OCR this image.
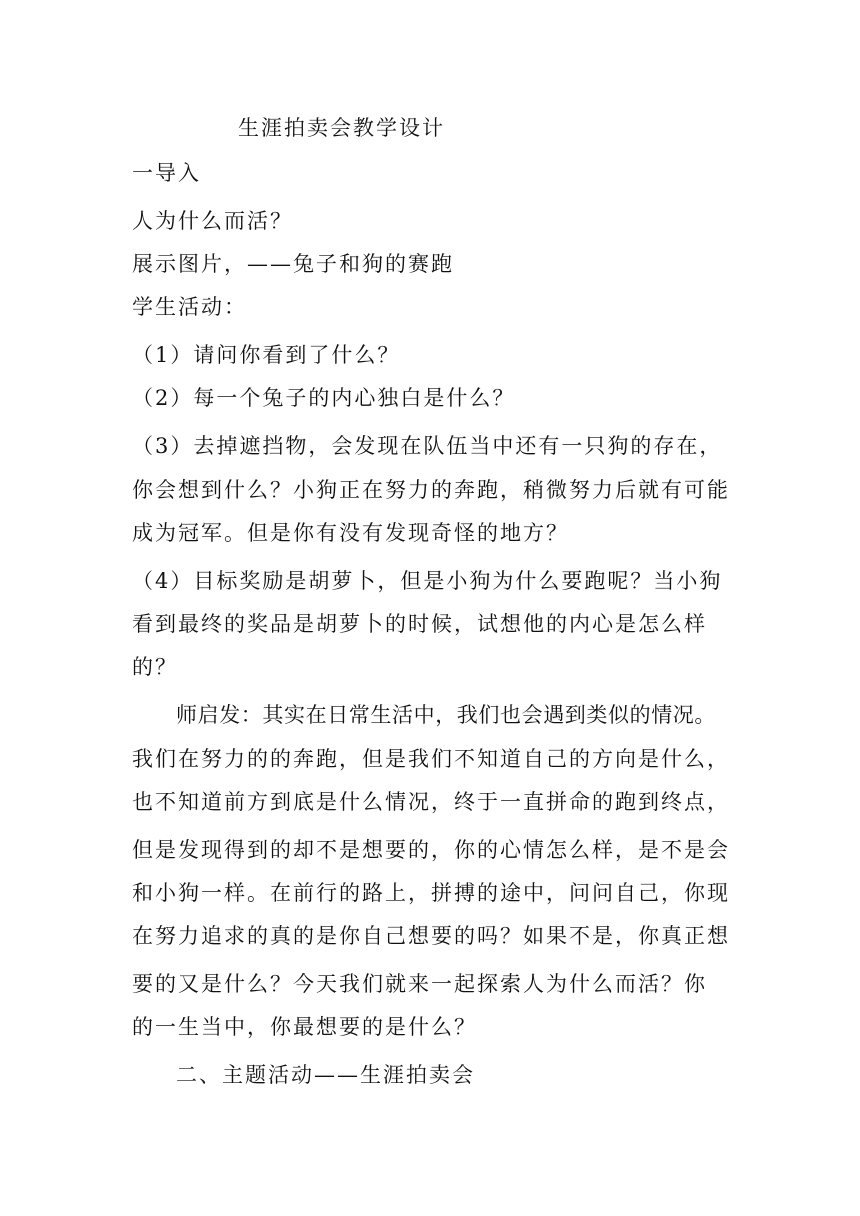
生涯拍卖会教学设计
一导入
人为什么而活？
展示图片，——兔子和狗的赛跑
学生活动：
（1）请问你看到了什么？
（2）每一个兔子的内心独白是什么？
（3）去掉遮挡物，会发现在队伍当中还有一只狗的存在，
你会想到什么？小狗正在努力的奔跑，稍微努力后就有可能
成为冠军。但是你有没有发现奇怪的地方？
（4）目标奖励是胡萝卜，但是小狗为什么要跑呢？当小狗
看到最终的奖品是胡萝卜的时候，试想他的内心是怎么样
的？
师启发：其实在日常生活中，我们也会遇到类似的情况。
我们在努力的的奔跑，但是我们不知道自己的方向是什么，
也不知道前方到底是什么情况，终于一直拼命的跑到终点，
但是发现得到的却不是想要的，你的心情怎么样，是不是会
和小狗一样。在前行的路上，拼搏的途中，问问自己，你现
在努力追求的真的是你自己想要的吗？如果不是，你真正想
要的又是什么？今天我们就来一起探索人为什么而活？你
的一生当中，你最想要的是什么？
二、主题活动——生涯拍卖会
